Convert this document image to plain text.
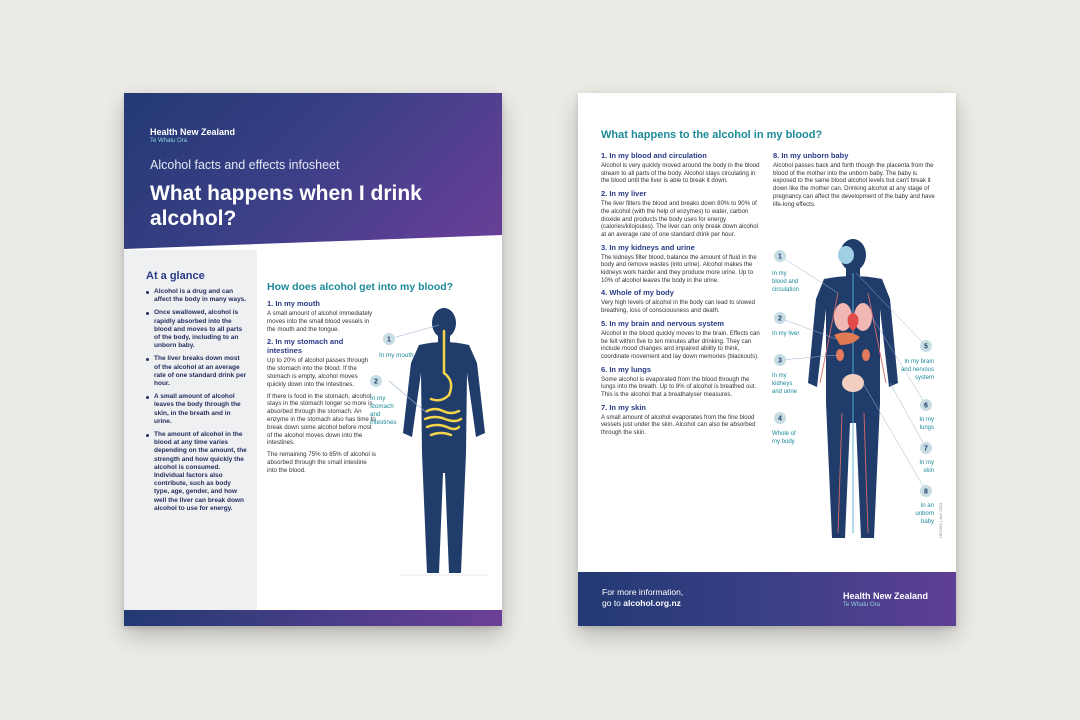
Health New Zealand
Te Whatu Ora
Alcohol facts and effects infosheet
What happens when I drink alcohol?
At a glance
Alcohol is a drug and can affect the body in many ways.
Once swallowed, alcohol is rapidly absorbed into the blood and moves to all parts of the body, including to an unborn baby.
The liver breaks down most of the alcohol at an average rate of one standard drink per hour.
A small amount of alcohol leaves the body through the skin, in the breath and in urine.
The amount of alcohol in the blood at any time varies depending on the amount, the strength and how quickly the alcohol is consumed. Individual factors also contribute, such as body type, age, gender, and how well the liver can break down alcohol to use for energy.
How does alcohol get into my blood?
1. In my mouth

A small amount of alcohol immediately moves into the small blood vessels in the mouth and the tongue.

2. In my stomach and intestines

Up to 20% of alcohol passes through the stomach into the blood. If the stomach is empty, alcohol moves quickly down into the intestines.

If there is food in the stomach, alcohol stays in the stomach longer so more is absorbed through the stomach. An enzyme in the stomach also has time to break down some alcohol before most of the alcohol moves down into the intestines.

The remaining 75% to 85% of alcohol is absorbed through the small intestine into the blood.

1
In my mouth
2
In my
stomach
and
intestines
What happens to the alcohol in my blood?
1. In my blood and circulation

Alcohol is very quickly moved around the body in the blood stream to all parts of the body. Alcohol stays circulating in the blood until the liver is able to break it down.

2. In my liver

The liver filters the blood and breaks down 80% to 90% of the alcohol (with the help of enzymes) to water, carbon dioxide and products the body uses for energy (calories/kilojoules). The liver can only break down alcohol at an average rate of one standard drink per hour.

3. In my kidneys and urine

The kidneys filter blood, balance the amount of fluid in the body and remove wastes (into urine). Alcohol makes the kidneys work harder and they produce more urine. Up to 10% of alcohol leaves the body in the urine.

4. Whole of my body

Very high levels of alcohol in the body can lead to slowed breathing, loss of consciousness and death.

5. In my brain and nervous system

Alcohol in the blood quickly moves to the brain. Effects can be felt within five to ten minutes after drinking. They can include mood changes and impaired ability to think, coordinate movement and lay down memories (blackouts).

6. In my lungs

Some alcohol is evaporated from the blood through the lungs into the breath. Up to 8% of alcohol is breathed out. This is the alcohol that a breathalyser measures.

7. In my skin

A small amount of alcohol evaporates from the fine blood vessels just under the skin. Alcohol can also be absorbed through the skin.

8. In my unborn baby

Alcohol passes back and forth though the placenta from the blood of the mother into the unborn baby. The baby is exposed to the same blood alcohol levels but can't break it down like the mother can. Drinking alcohol at any stage of pregnancy can affect the development of the baby and have life-long effects.

1
In my
blood and
circulation
2
In my liver
3
In my
kidneys
and urine
4
Whole of
my body
5
In my brain
and nervous
system
6
In my
lungs
7
In my
skin
8
In an
unborn
baby HE1053 | JAN 2023
For more information,
go to alcohol.org.nz
Health New Zealand
Te Whatu Ora
